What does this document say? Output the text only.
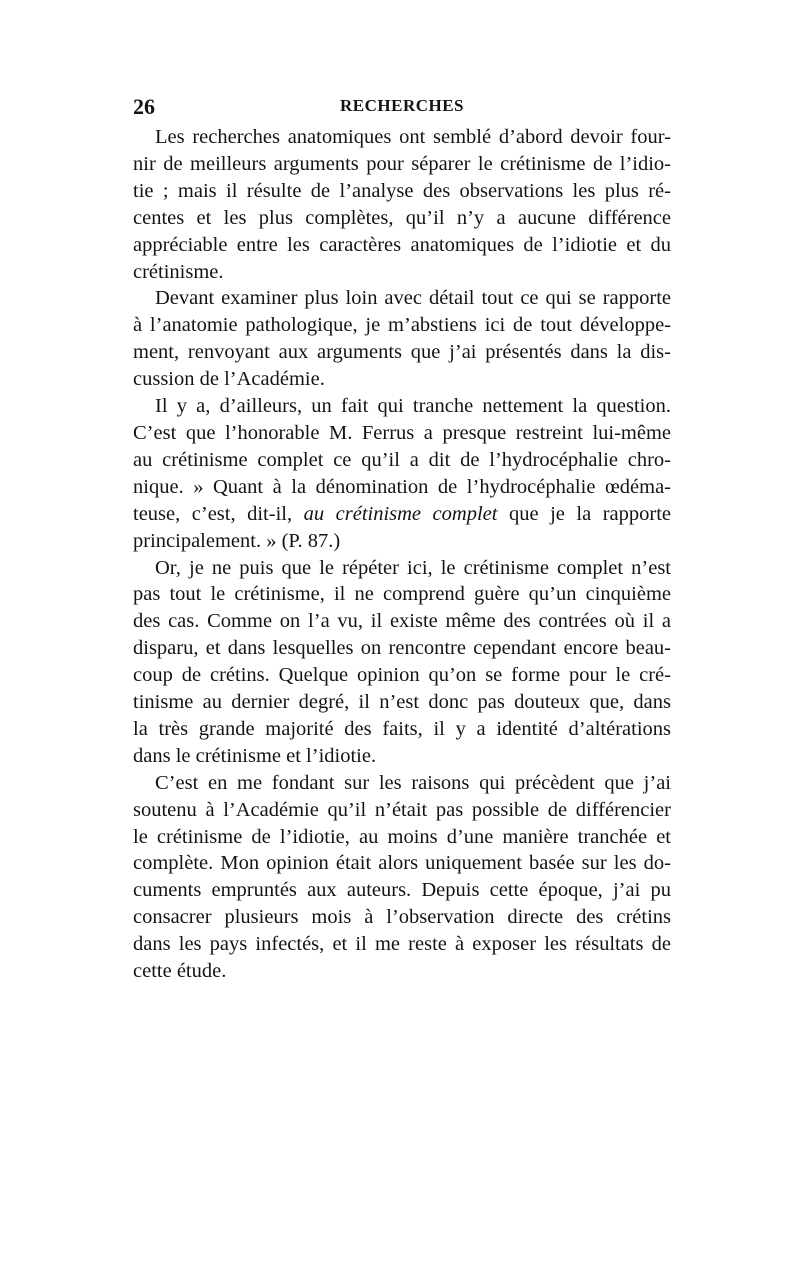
26	RECHERCHES
Les recherches anatomiques ont semblé d’abord devoir four-
nir de meilleurs arguments pour séparer le crétinisme de l’idio-
tie ; mais il résulte de l’analyse des observations les plus ré-
centes et les plus complètes, qu’il n’y a aucune différence
appréciable entre les caractères anatomiques de l’idiotie et du
crétinisme.
Devant examiner plus loin avec détail tout ce qui se rapporte
à l’anatomie pathologique, je m’abstiens ici de tout développe-
ment, renvoyant aux arguments que j’ai présentés dans la dis-
cussion de l’Académie.
Il y a, d’ailleurs, un fait qui tranche nettement la question.
C’est que l’honorable M. Ferrus a presque restreint lui-même
au crétinisme complet ce qu’il a dit de l’hydrocéphalie chro-
nique. » Quant à la dénomination de l’hydrocéphalie œdéma-
teuse, c’est, dit-il, au crétinisme complet que je la rapporte
principalement. » (P. 87.)
Or, je ne puis que le répéter ici, le crétinisme complet n’est
pas tout le crétinisme, il ne comprend guère qu’un cinquième
des cas. Comme on l’a vu, il existe même des contrées où il a
disparu, et dans lesquelles on rencontre cependant encore beau-
coup de crétins. Quelque opinion qu’on se forme pour le cré-
tinisme au dernier degré, il n’est donc pas douteux que, dans
la très grande majorité des faits, il y a identité d’altérations
dans le crétinisme et l’idiotie.
C’est en me fondant sur les raisons qui précèdent que j’ai
soutenu à l’Académie qu’il n’était pas possible de différencier
le crétinisme de l’idiotie, au moins d’une manière tranchée et
complète. Mon opinion était alors uniquement basée sur les do-
cuments empruntés aux auteurs. Depuis cette époque, j’ai pu
consacrer plusieurs mois à l’observation directe des crétins
dans les pays infectés, et il me reste à exposer les résultats de
cette étude.
